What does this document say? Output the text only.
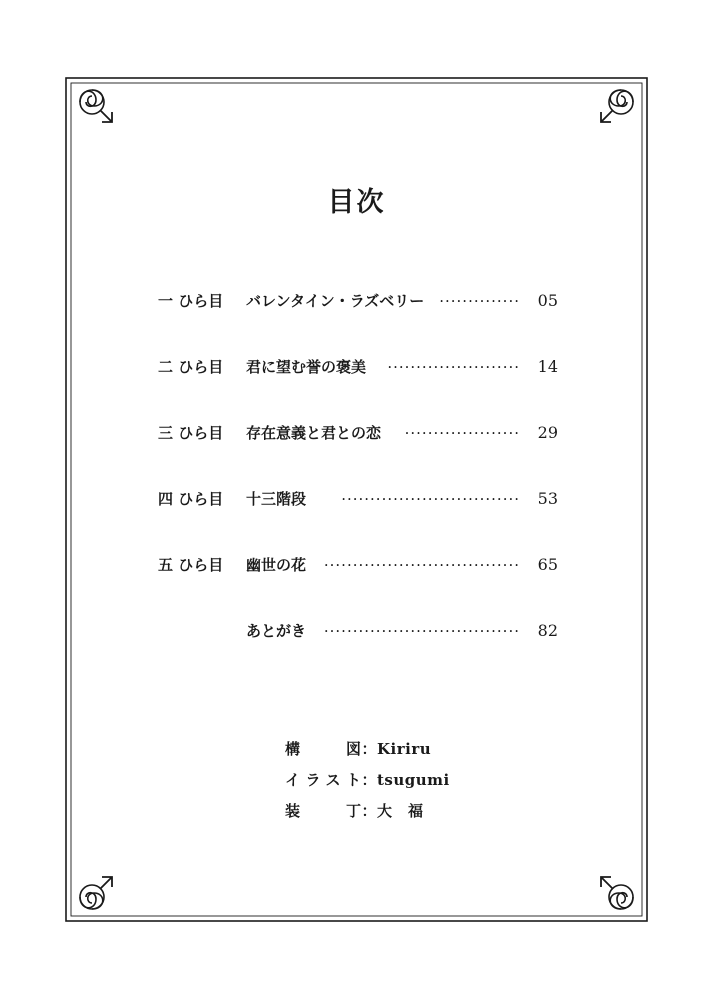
目次
一 ひら目	バレンタイン・ラズベリー ··············	05
二 ひら目	君に望む誉の褒美	·······················	14
三 ひら目	存在意義と君との恋	····················	29
四 ひら目	十三階段	·······························	53
五 ひら目	幽世の花	··································	65
あとがき	··································	82
構図：Kiriru
イラスト：tsugumi
装丁：大　福
